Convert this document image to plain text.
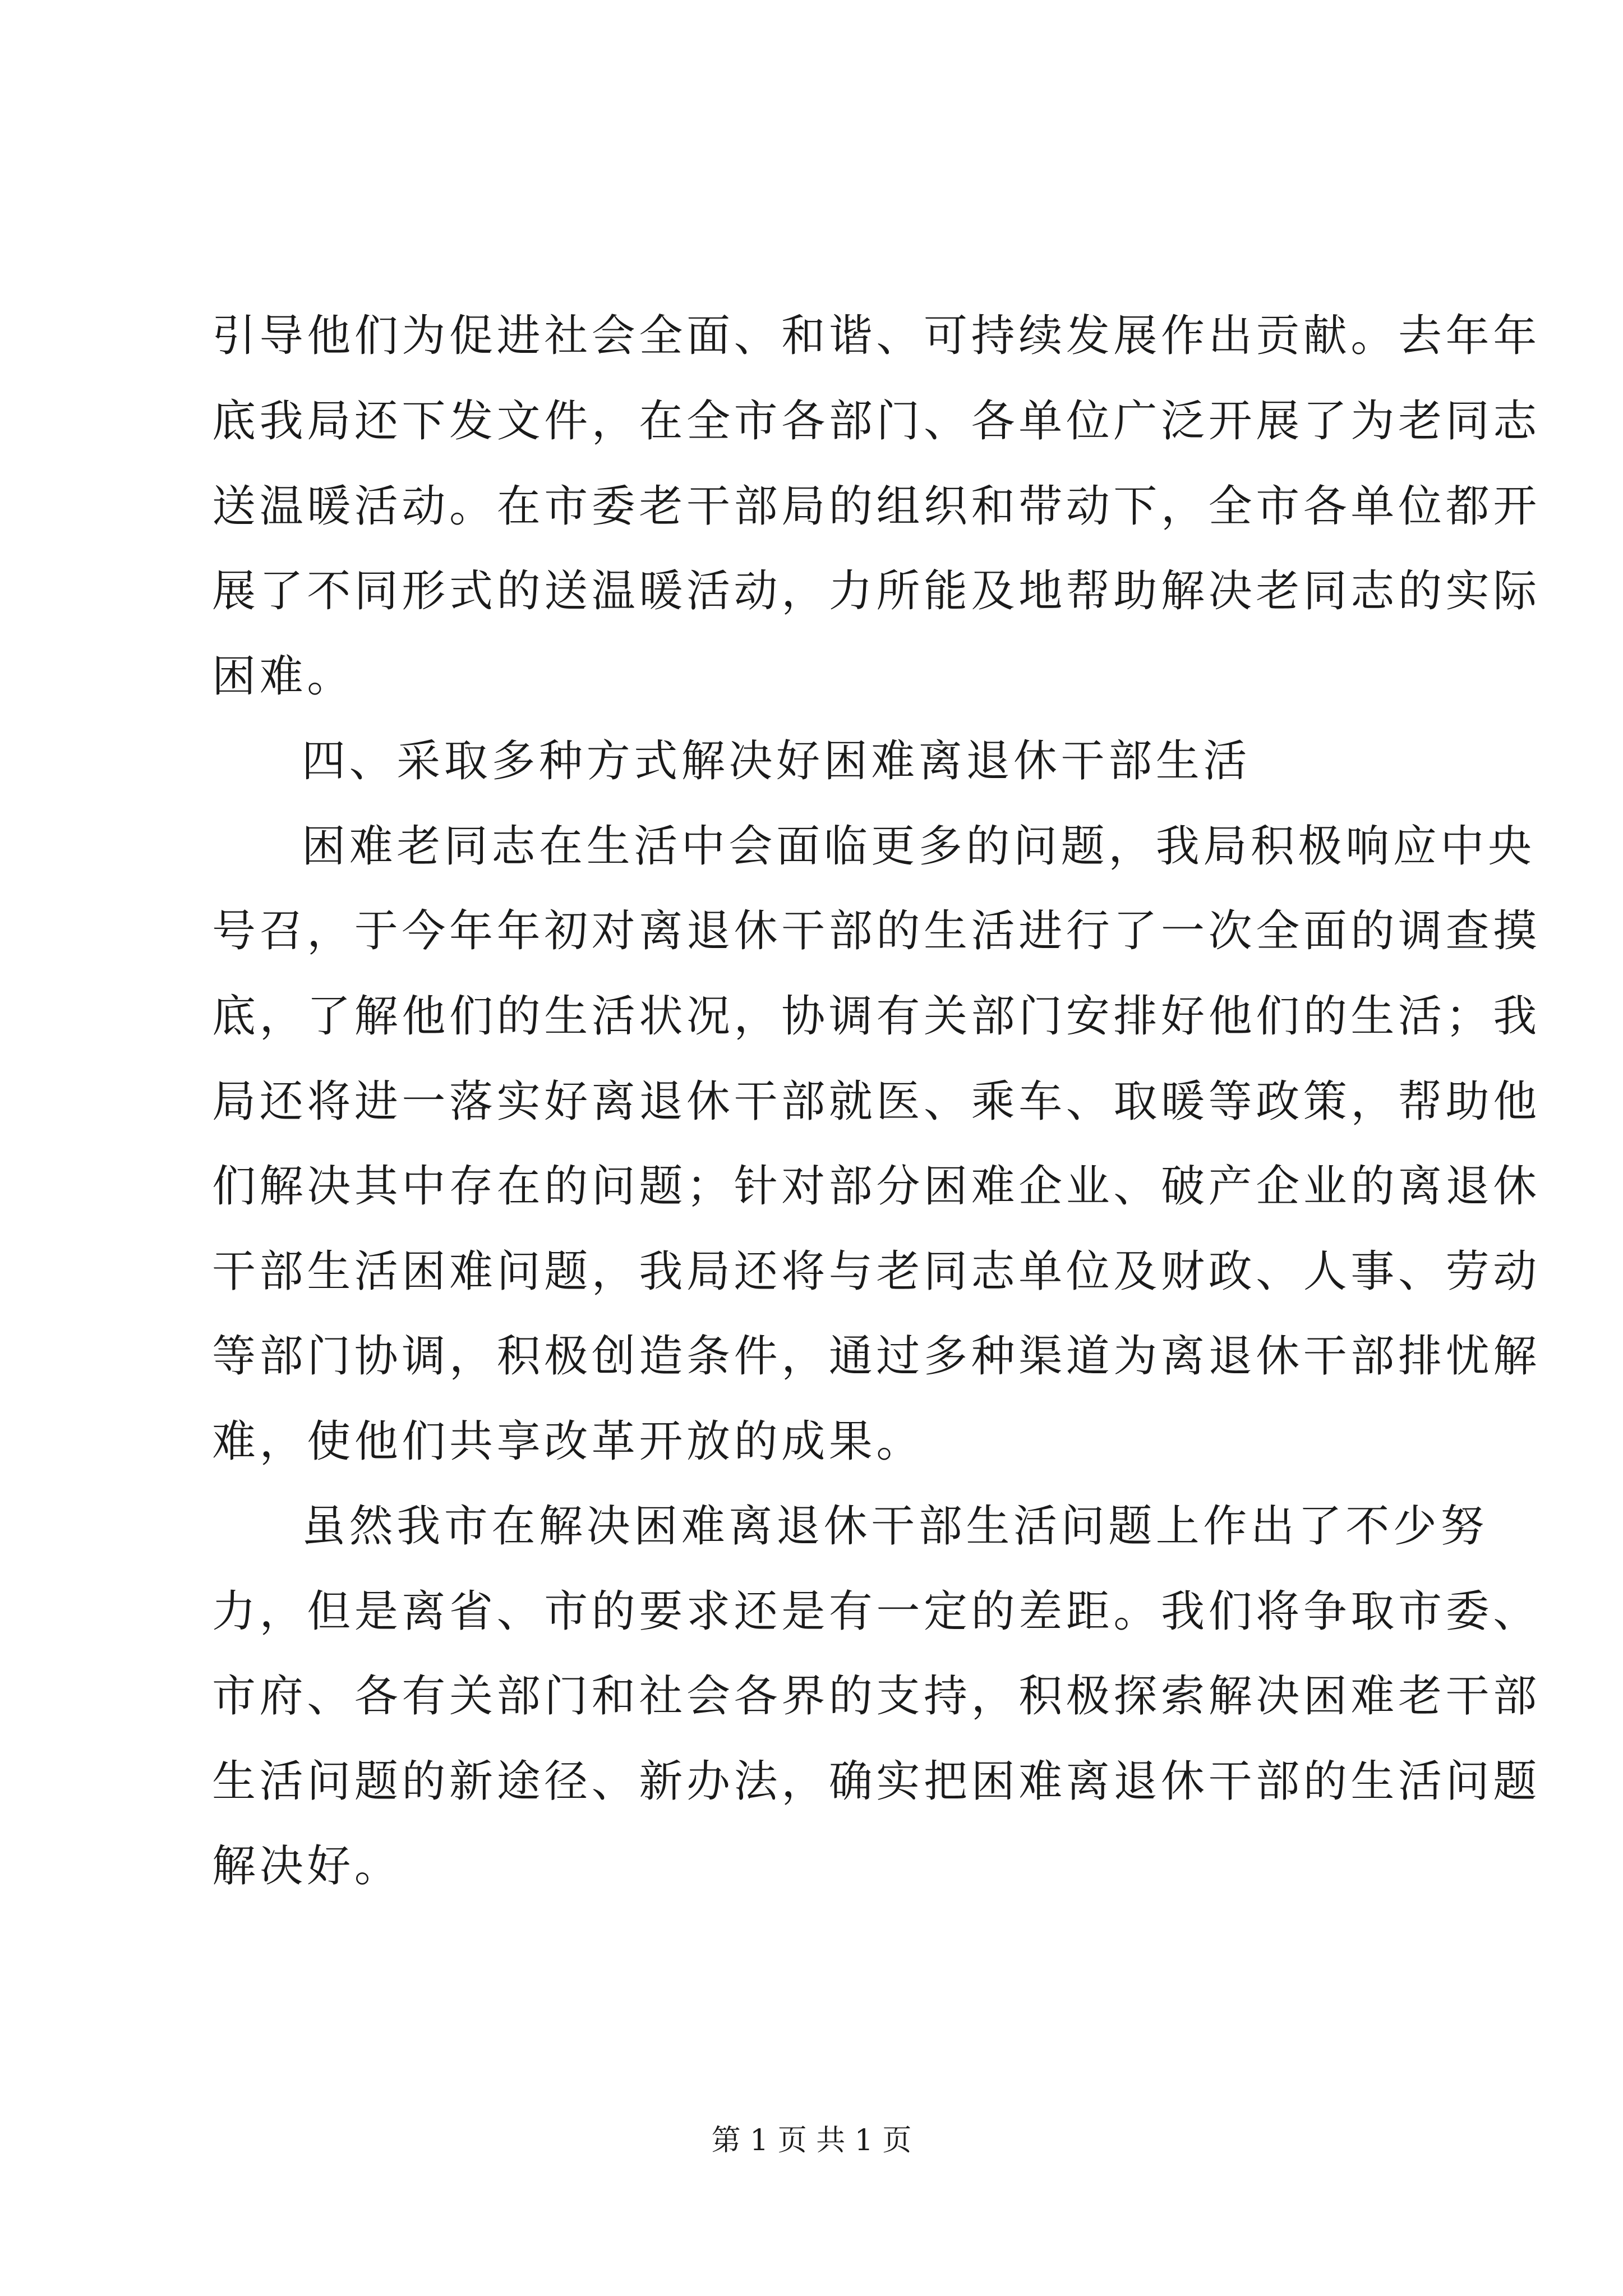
引导他们为促进社会全面、和谐、可持续发展作出贡献。去年年
底我局还下发文件，在全市各部门、各单位广泛开展了为老同志
送温暖活动。在市委老干部局的组织和带动下，全市各单位都开
展了不同形式的送温暖活动，力所能及地帮助解决老同志的实际
困难。
四、采取多种方式解决好困难离退休干部生活
困难老同志在生活中会面临更多的问题，我局积极响应中央
号召，于今年年初对离退休干部的生活进行了一次全面的调查摸
底，了解他们的生活状况，协调有关部门安排好他们的生活；我
局还将进一落实好离退休干部就医、乘车、取暖等政策，帮助他
们解决其中存在的问题；针对部分困难企业、破产企业的离退休
干部生活困难问题，我局还将与老同志单位及财政、人事、劳动
等部门协调，积极创造条件，通过多种渠道为离退休干部排忧解
难，使他们共享改革开放的成果。
虽然我市在解决困难离退休干部生活问题上作出了不少努
力，但是离省、市的要求还是有一定的差距。我们将争取市委、
市府、各有关部门和社会各界的支持，积极探索解决困难老干部
生活问题的新途径、新办法，确实把困难离退休干部的生活问题
解决好。
第 1 页 共 1 页
